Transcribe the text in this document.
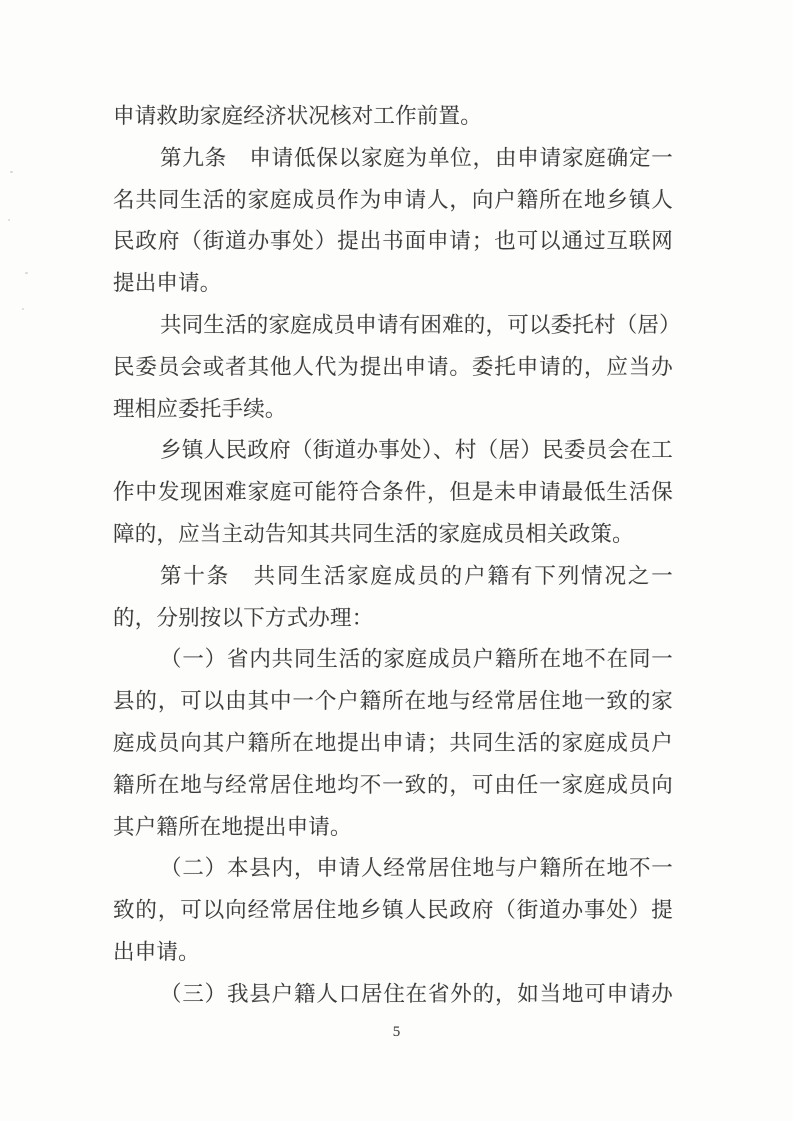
申请救助家庭经济状况核对工作前置。
第九条　申请低保以家庭为单位，由申请家庭确定一
名共同生活的家庭成员作为申请人，向户籍所在地乡镇人
民政府（街道办事处）提出书面申请；也可以通过互联网
提出申请。
共同生活的家庭成员申请有困难的，可以委托村（居）
民委员会或者其他人代为提出申请。委托申请的，应当办
理相应委托手续。
乡镇人民政府（街道办事处）、村（居）民委员会在工
作中发现困难家庭可能符合条件，但是未申请最低生活保
障的，应当主动告知其共同生活的家庭成员相关政策。
第十条　共同生活家庭成员的户籍有下列情况之一
的，分别按以下方式办理：
（一）省内共同生活的家庭成员户籍所在地不在同一
县的，可以由其中一个户籍所在地与经常居住地一致的家
庭成员向其户籍所在地提出申请；共同生活的家庭成员户
籍所在地与经常居住地均不一致的，可由任一家庭成员向
其户籍所在地提出申请。
（二）本县内，申请人经常居住地与户籍所在地不一
致的，可以向经常居住地乡镇人民政府（街道办事处）提
出申请。
（三）我县户籍人口居住在省外的，如当地可申请办
5
